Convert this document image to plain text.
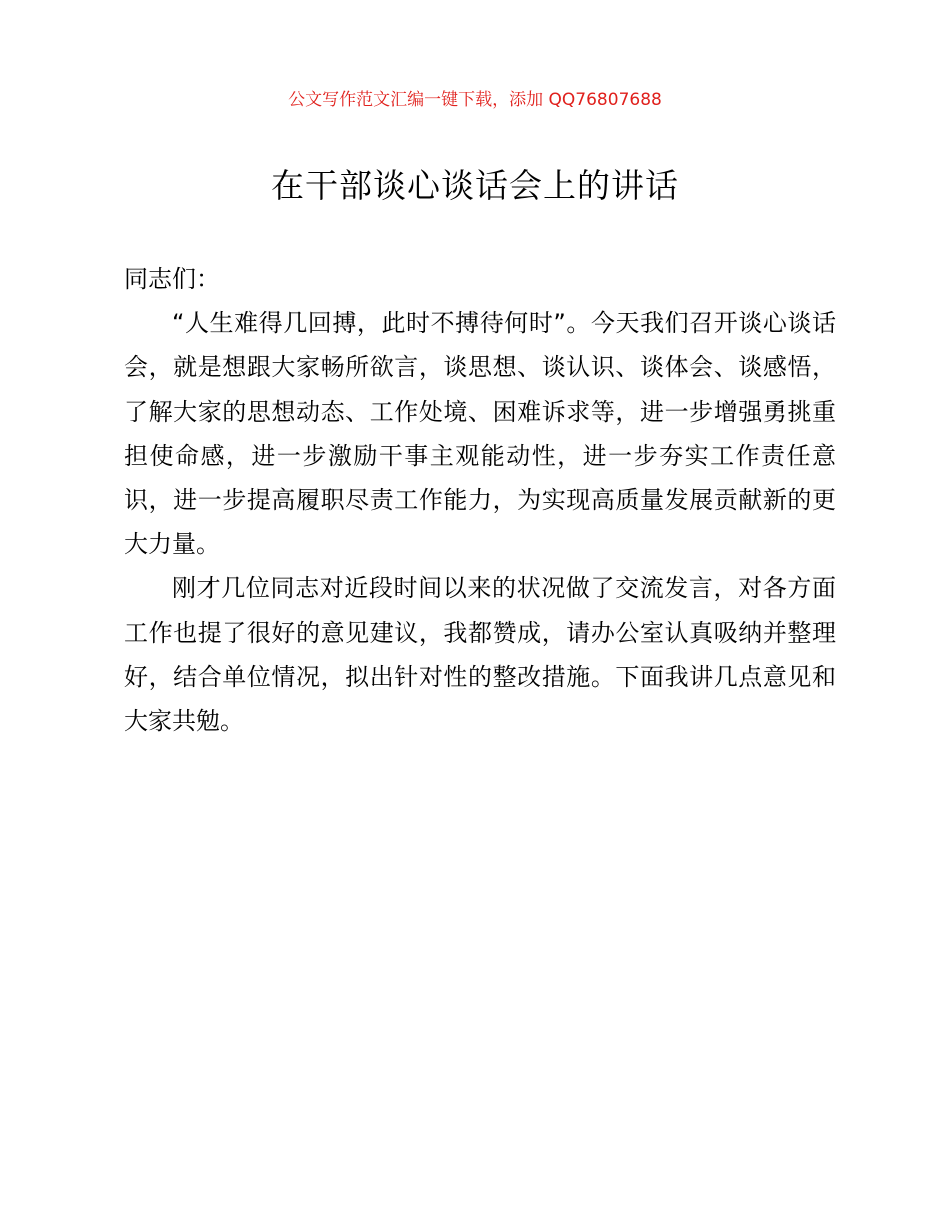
公文写作范文汇编一键下载，添加 QQ76807688
在干部谈心谈话会上的讲话

同志们：

“人生难得几回搏，此时不搏待何时”。今天我们召开谈心谈话会，就是想跟大家畅所欲言，谈思想、谈认识、谈体会、谈感悟，了解大家的思想动态、工作处境、困难诉求等，进一步增强勇挑重担使命感，进一步激励干事主观能动性，进一步夯实工作责任意识，进一步提高履职尽责工作能力，为实现高质量发展贡献新的更大力量。

刚才几位同志对近段时间以来的状况做了交流发言，对各方面工作也提了很好的意见建议，我都赞成，请办公室认真吸纳并整理好，结合单位情况，拟出针对性的整改措施。下面我讲几点意见和大家共勉。
